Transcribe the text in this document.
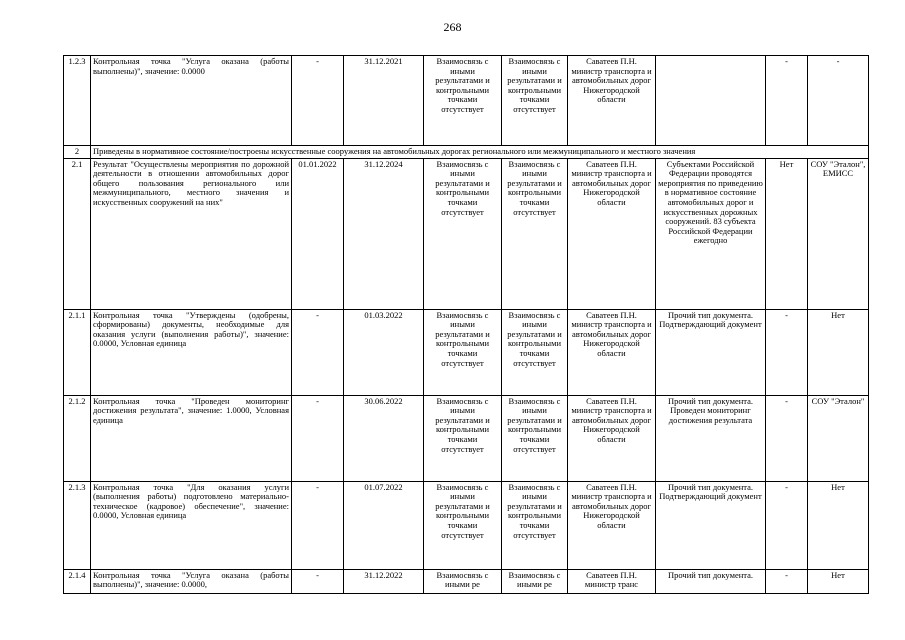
268
1.2.3	Контрольная точка "Услуга оказана (работы выполнены)", значение: 0.0000	-	31.12.2021	Взаимосвязь с иными результатами и контрольными точками отсутствует	Взаимосвязь с иными результатами и контрольными точками отсутствует	Саватеев П.Н. министр транспорта и автомобильных дорог Нижегородской области		-	-
2	Приведены в нормативное состояние/построены искусственные сооружения на автомобильных дорогах регионального или межмуниципального и местного значения								
2.1	Результат "Осуществлены мероприятия по дорожной деятельности в отношении автомобильных дорог общего пользования регионального или межмуниципального, местного значения и искусственных сооружений на них"	01.01.2022	31.12.2024	Взаимосвязь с иными результатами и контрольными точками отсутствует	Взаимосвязь с иными результатами и контрольными точками отсутствует	Саватеев П.Н. министр транспорта и автомобильных дорог Нижегородской области	Субъектами Российской Федерации проводятся мероприятия по приведению в нормативное состояние автомобильных дорог и искусственных дорожных сооружений. 83 субъекта Российской Федерации ежегодно	Нет	СОУ "Эталон", ЕМИСС
2.1.1	Контрольная точка "Утверждены (одобрены, сформированы) документы, необходимые для оказания услуги (выполнения работы)", значение: 0.0000, Условная единица	-	01.03.2022	Взаимосвязь с иными результатами и контрольными точками отсутствует	Взаимосвязь с иными результатами и контрольными точками отсутствует	Саватеев П.Н. министр транспорта и автомобильных дорог Нижегородской области	Прочий тип документа. Подтверждающий документ	-	Нет
2.1.2	Контрольная точка "Проведен мониторинг достижения результата", значение: 1.0000, Условная единица	-	30.06.2022	Взаимосвязь с иными результатами и контрольными точками отсутствует	Взаимосвязь с иными результатами и контрольными точками отсутствует	Саватеев П.Н. министр транспорта и автомобильных дорог Нижегородской области	Прочий тип документа. Проведен мониторинг достижения результата	-	СОУ "Эталон"
2.1.3	Контрольная точка "Для оказания услуги (выполнения работы) подготовлено материально-техническое (кадровое) обеспечение", значение: 0.0000, Условная единица	-	01.07.2022	Взаимосвязь с иными результатами и контрольными точками отсутствует	Взаимосвязь с иными результатами и контрольными точками отсутствует	Саватеев П.Н. министр транспорта и автомобильных дорог Нижегородской области	Прочий тип документа. Подтверждающий документ	-	Нет
2.1.4	Контрольная точка "Услуга оказана (работы выполнены)", значение: 0.0000,	-	31.12.2022	Взаимосвязь с иными ре	Взаимосвязь с иными ре	Саватеев П.Н. министр транс	Прочий тип документа.	-	Нет
